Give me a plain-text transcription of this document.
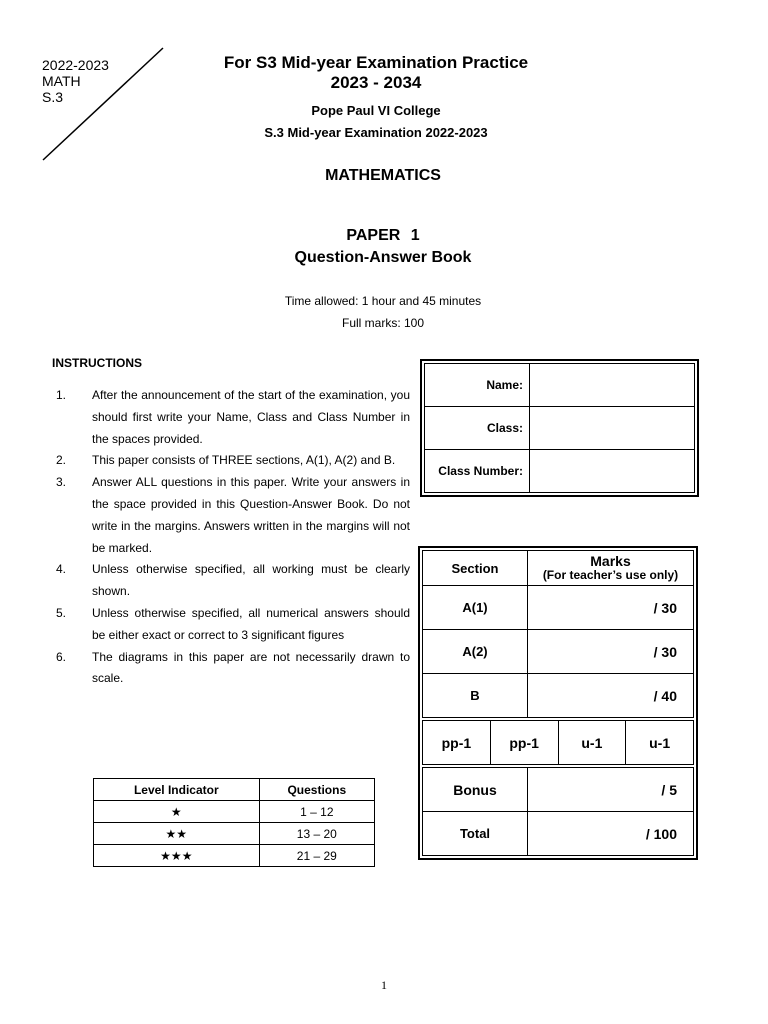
2022-2023
MATH
S.3
For S3 Mid-year Examination Practice
2023 - 2034
Pope Paul VI College
S.3 Mid-year Examination 2022-2023
MATHEMATICS
PAPER 1
Question-Answer Book
Time allowed: 1 hour and 45 minutes
Full marks: 100
INSTRUCTIONS
1.	After the announcement of the start of the examination, you should first write your Name, Class and Class Number in the spaces provided.
2.	This paper consists of THREE sections, A(1), A(2) and B.
3.	Answer ALL questions in this paper. Write your answers in the space provided in this Question-Answer Book. Do not write in the margins. Answers written in the margins will not be marked.
4.	Unless otherwise specified, all working must be clearly shown.
5.	Unless otherwise specified, all numerical answers should be either exact or correct to 3 significant figures
6.	The diagrams in this paper are not necessarily drawn to scale.
Level Indicator	Questions
★	1 – 12
★★	13 – 20
★★★	21 – 29
Name:	
Class:	
Class Number:	
Section	Marks
(For teacher’s use only)

A(1)	/ 30
A(2)	/ 30
B	/ 40
pp-1	pp-1	u-1	u-1
Bonus	/ 5
Total	/ 100
1
